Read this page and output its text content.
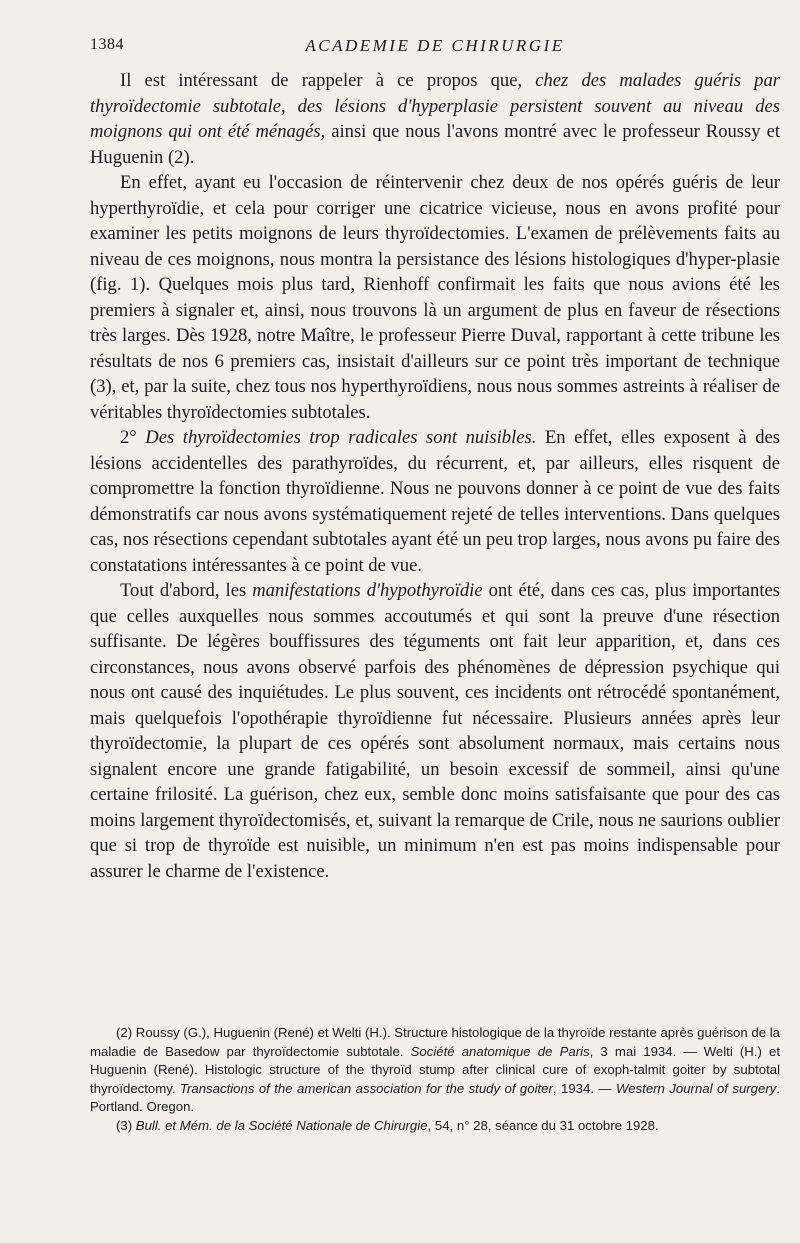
1384	ACADEMIE DE CHIRURGIE

Il est intéressant de rappeler à ce propos que, chez des malades guéris par thyroïdectomie subtotale, des lésions d'hyperplasie persistent souvent au niveau des moignons qui ont été ménagés, ainsi que nous l'avons montré avec le professeur Roussy et Huguenin (2).

En effet, ayant eu l'occasion de réintervenir chez deux de nos opérés guéris de leur hyperthyroïdie, et cela pour corriger une cicatrice vicieuse, nous en avons profité pour examiner les petits moignons de leurs thyroïdectomies. L'examen de prélèvements faits au niveau de ces moignons, nous montra la persistance des lésions histologiques d'hyper-plasie (fig. 1). Quelques mois plus tard, Rienhoff confirmait les faits que nous avions été les premiers à signaler et, ainsi, nous trouvons là un argument de plus en faveur de résections très larges. Dès 1928, notre Maître, le professeur Pierre Duval, rapportant à cette tribune les résultats de nos 6 premiers cas, insistait d'ailleurs sur ce point très important de technique (3), et, par la suite, chez tous nos hyperthyroïdiens, nous nous sommes astreints à réaliser de véritables thyroïdectomies subtotales.

2° Des thyroïdectomies trop radicales sont nuisibles. En effet, elles exposent à des lésions accidentelles des parathyroïdes, du récurrent, et, par ailleurs, elles risquent de compromettre la fonction thyroïdienne. Nous ne pouvons donner à ce point de vue des faits démonstratifs car nous avons systématiquement rejeté de telles interventions. Dans quelques cas, nos résections cependant subtotales ayant été un peu trop larges, nous avons pu faire des constatations intéressantes à ce point de vue.

Tout d'abord, les manifestations d'hypothyroïdie ont été, dans ces cas, plus importantes que celles auxquelles nous sommes accoutumés et qui sont la preuve d'une résection suffisante. De légères bouffissures des téguments ont fait leur apparition, et, dans ces circonstances, nous avons observé parfois des phénomènes de dépression psychique qui nous ont causé des inquiétudes. Le plus souvent, ces incidents ont rétrocédé spontanément, mais quelquefois l'opothérapie thyroïdienne fut nécessaire. Plusieurs années après leur thyroïdectomie, la plupart de ces opérés sont absolument normaux, mais certains nous signalent encore une grande fatigabilité, un besoin excessif de sommeil, ainsi qu'une certaine frilosité. La guérison, chez eux, semble donc moins satisfaisante que pour des cas moins largement thyroïdectomisés, et, suivant la remarque de Crile, nous ne saurions oublier que si trop de thyroïde est nuisible, un minimum n'en est pas moins indispensable pour assurer le charme de l'existence.

(2) Roussy (G.), Huguenin (René) et Welti (H.). Structure histologique de la thyroïde restante après guérison de la maladie de Basedow par thyroïdectomie subtotale. Société anatomique de Paris, 3 mai 1934. — Welti (H.) et Huguenin (René). Histologic structure of the thyroïd stump after clinical cure of exoph-talmit goiter by subtotal thyroïdectomy. Transactions of the american association for the study of goiter, 1934. — Western Journal of surgery. Portland. Oregon.

(3) Bull. et Mém. de la Société Nationale de Chirurgie, 54, n° 28, séance du 31 octobre 1928.
